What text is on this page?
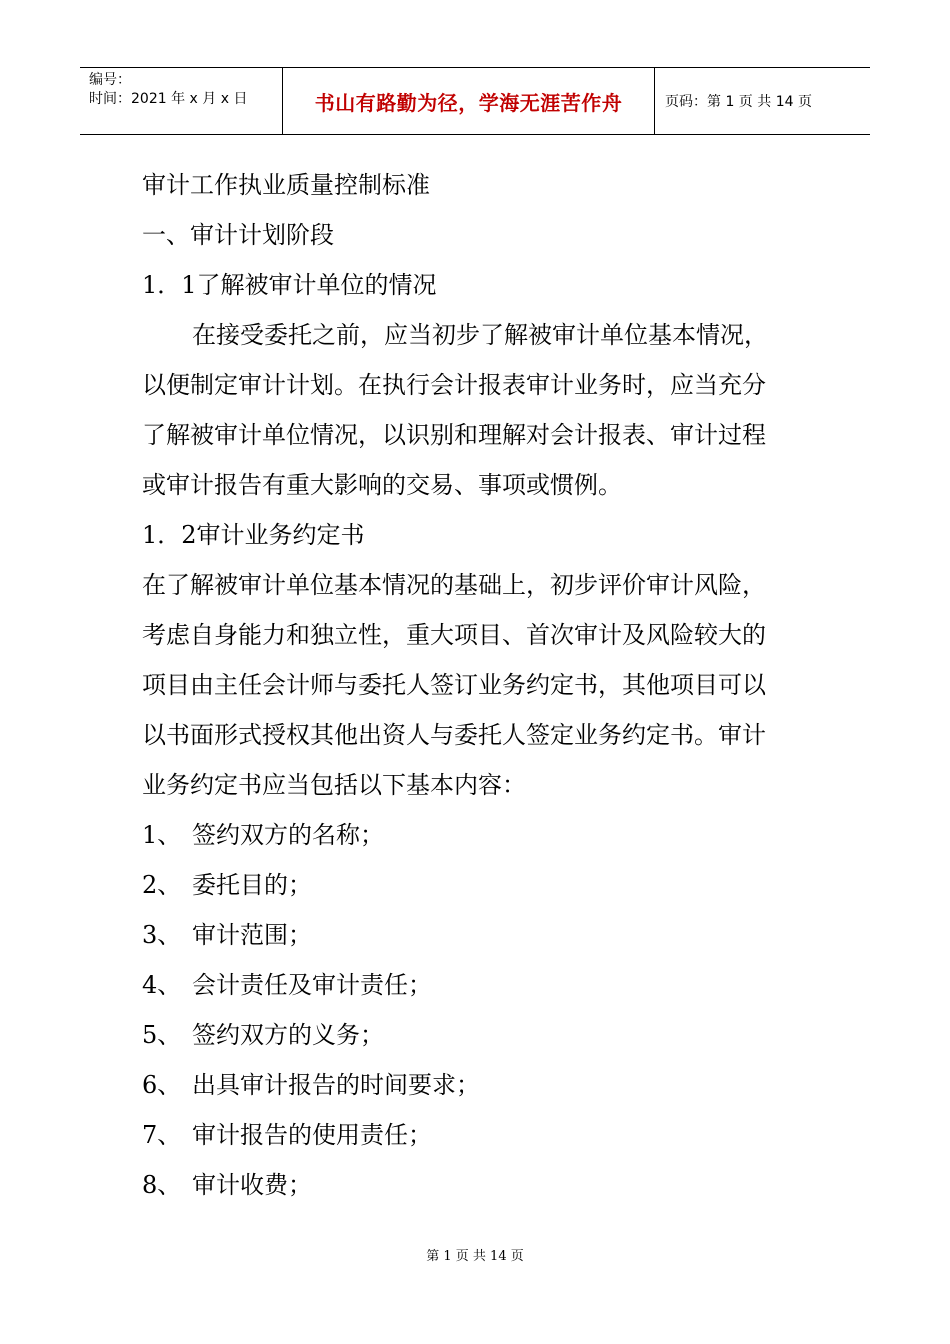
编号：
时间：2021 年 x 月 x 日	书山有路勤为径，学海无涯苦作舟	页码：第 1 页 共 14 页

审计工作执业质量控制标准

一、审计计划阶段

1．1了解被审计单位的情况

在接受委托之前，应当初步了解被审计单位基本情况，

以便制定审计计划。在执行会计报表审计业务时，应当充分

了解被审计单位情况，以识别和理解对会计报表、审计过程

或审计报告有重大影响的交易、事项或惯例。

1．2审计业务约定书

在了解被审计单位基本情况的基础上，初步评价审计风险，

考虑自身能力和独立性，重大项目、首次审计及风险较大的

项目由主任会计师与委托人签订业务约定书，其他项目可以

以书面形式授权其他出资人与委托人签定业务约定书。审计

业务约定书应当包括以下基本内容：

1、 签约双方的名称；
2、 委托目的；
3、 审计范围；
4、 会计责任及审计责任；
5、 签约双方的义务；
6、 出具审计报告的时间要求；
7、 审计报告的使用责任；
8、 审计收费；
第 1 页 共 14 页
